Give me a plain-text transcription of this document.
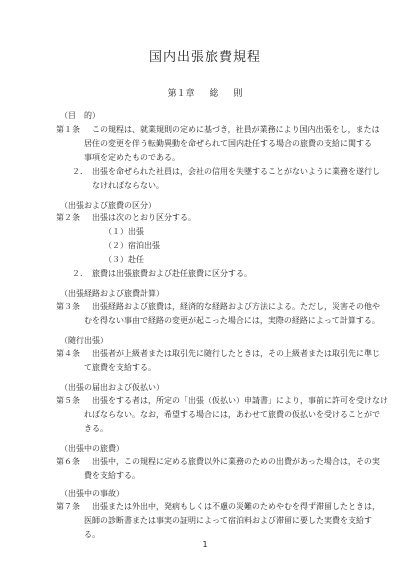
国内出張旅費規程
第１章 総 則
（目　的）
第１条 この規程は、就業規則の定めに基づき，社員が業務により国内出張をし，または
居住の変更を伴う転勤異動を命ぜられて国内赴任する場合の旅費の支給に関する
事項を定めたものである。
２． 出張を命ぜられた社員は，会社の信用を失墜することがないように業務を遂行し
なければならない。
（出張および旅費の区分）
第２条 出張は次のとおり区分する。
（１）出張
（２）宿泊出張
（３）赴任
２． 旅費は出張旅費および赴任旅費に区分する。
（出張経路および旅費計算）
第３条 出張経路および旅費は，経済的な経路および方法による。ただし，災害その他や
むを得ない事由で経路の変更が起こった場合には，実際の経路によって計算する。
（随行出張）
第４条 出張者が上級者または取引先に随行したときは，その上級者または取引先に準じ
て旅費を支給する。
（出張の届出および仮払い）
第５条 出張をする者は，所定の「出張（仮払い）申請書」により，事前に許可を受けなけ
ればならない。なお，希望する場合には，あわせて旅費の仮払いを受けることがで
きる。
（出張中の旅費）
第６条 出張中，この規程に定める旅費以外に業務のための出費があった場合は，その実
費を支給する。
（出張中の事故）
第７条 出張または外出中，発病もしくは不慮の災難のためやむを得ず滞留したときは，
医師の診断書または事実の証明によって宿泊料および滞留に要した実費を支給す
る。
1
